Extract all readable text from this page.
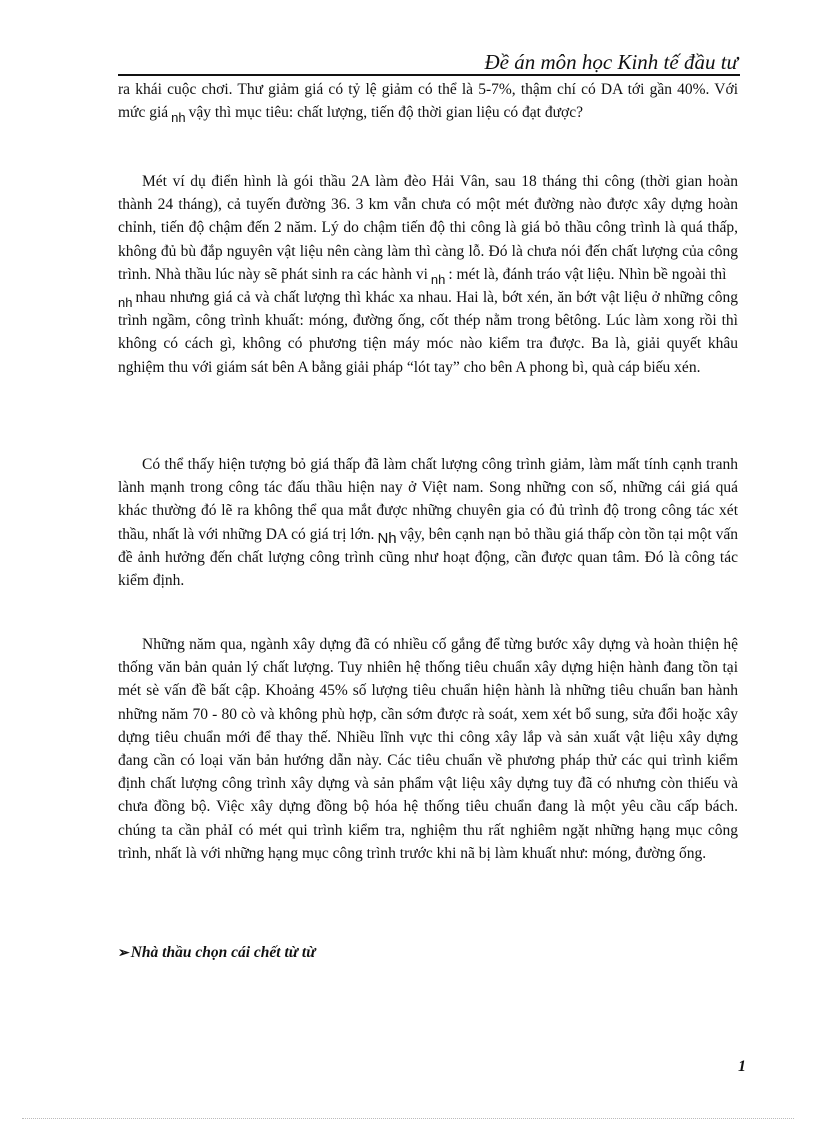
Đề án môn học Kinh tế đầu tư

ra khái cuộc chơi. Thư giảm giá có tỷ lệ giảm có thể là 5-7%, thậm chí có DA tới gần 40%. Với mức giá $_{nh}$ vậy thì mục tiêu: chất lượng, tiến độ thời gian liệu có đạt được?

Mét ví dụ điển hình là gói thầu 2A làm đèo Hải Vân, sau 18 tháng thi công (thời gian hoàn thành 24 tháng), cả tuyến đường 36. 3 km vẫn chưa có một mét đường nào được xây dựng hoàn chỉnh, tiến độ chậm đến 2 năm. Lý do chậm tiến độ thi công là giá bỏ thầu công trình là quá thấp, không đủ bù đắp nguyên vật liệu nên càng làm thì càng lỗ. Đó là chưa nói đến chất lượng của công trình. Nhà thầu lúc này sẽ phát sinh ra các hành vi $_{nh}$ : mét là, đánh tráo vật liệu. Nhìn bề ngoài thì
$_{nh}$ nhau nhưng giá cả và chất lượng thì khác xa nhau. Hai là, bớt xén, ăn bớt vật liệu ở những công trình ngầm, công trình khuất: móng, đường ống, cốt thép nằm trong bêtông. Lúc làm xong rồi thì không có cách gì, không có phương tiện máy móc nào kiểm tra được. Ba là, giải quyết khâu nghiệm thu với giám sát bên A bằng giải pháp “lót tay” cho bên A phong bì, quà cáp biếu xén.

Có thể thấy hiện tượng bỏ giá thấp đã làm chất lượng công trình giảm, làm mất tính cạnh tranh lành mạnh trong công tác đấu thầu hiện nay ở Việt nam. Song những con số, những cái giá quá khác thường đó lẽ ra không thể qua mắt được những chuyên gia có đủ trình độ trong công tác xét thầu, nhất là với những DA có giá trị lớn. Nh vậy, bên cạnh nạn bỏ thầu giá thấp còn tồn tại một vấn đề ảnh hưởng đến chất lượng công trình cũng như hoạt động, cần được quan tâm. Đó là công tác kiểm định.

Những năm qua, ngành xây dựng đã có nhiều cố gắng để từng bước xây dựng và hoàn thiện hệ thống văn bản quản lý chất lượng. Tuy nhiên hệ thống tiêu chuẩn xây dựng hiện hành đang tồn tại mét sè vấn đề bất cập. Khoảng 45% số lượng tiêu chuẩn hiện hành là những tiêu chuẩn ban hành những năm 70 - 80 cò và không phù hợp, cần sớm được rà soát, xem xét bổ sung, sửa đổi hoặc xây dựng tiêu chuẩn mới để thay thế. Nhiều lĩnh vực thi công xây lắp và sản xuất vật liệu xây dựng đang cần có loại văn bản hướng dẫn này. Các tiêu chuẩn về phương pháp thử các qui trình kiểm định chất lượng công trình xây dựng và sản phẩm vật liệu xây dựng tuy đã có nhưng còn thiếu và chưa đồng bộ. Việc xây dựng đồng bộ hóa hệ thống tiêu chuẩn đang là một yêu cầu cấp bách. chúng ta cần phảI có mét qui trình kiểm tra, nghiệm thu rất nghiêm ngặt những hạng mục công trình, nhất là với những hạng mục công trình trước khi nã bị làm khuất như: móng, đường ống.

➢Nhà thầu chọn cái chết từ từ
1
